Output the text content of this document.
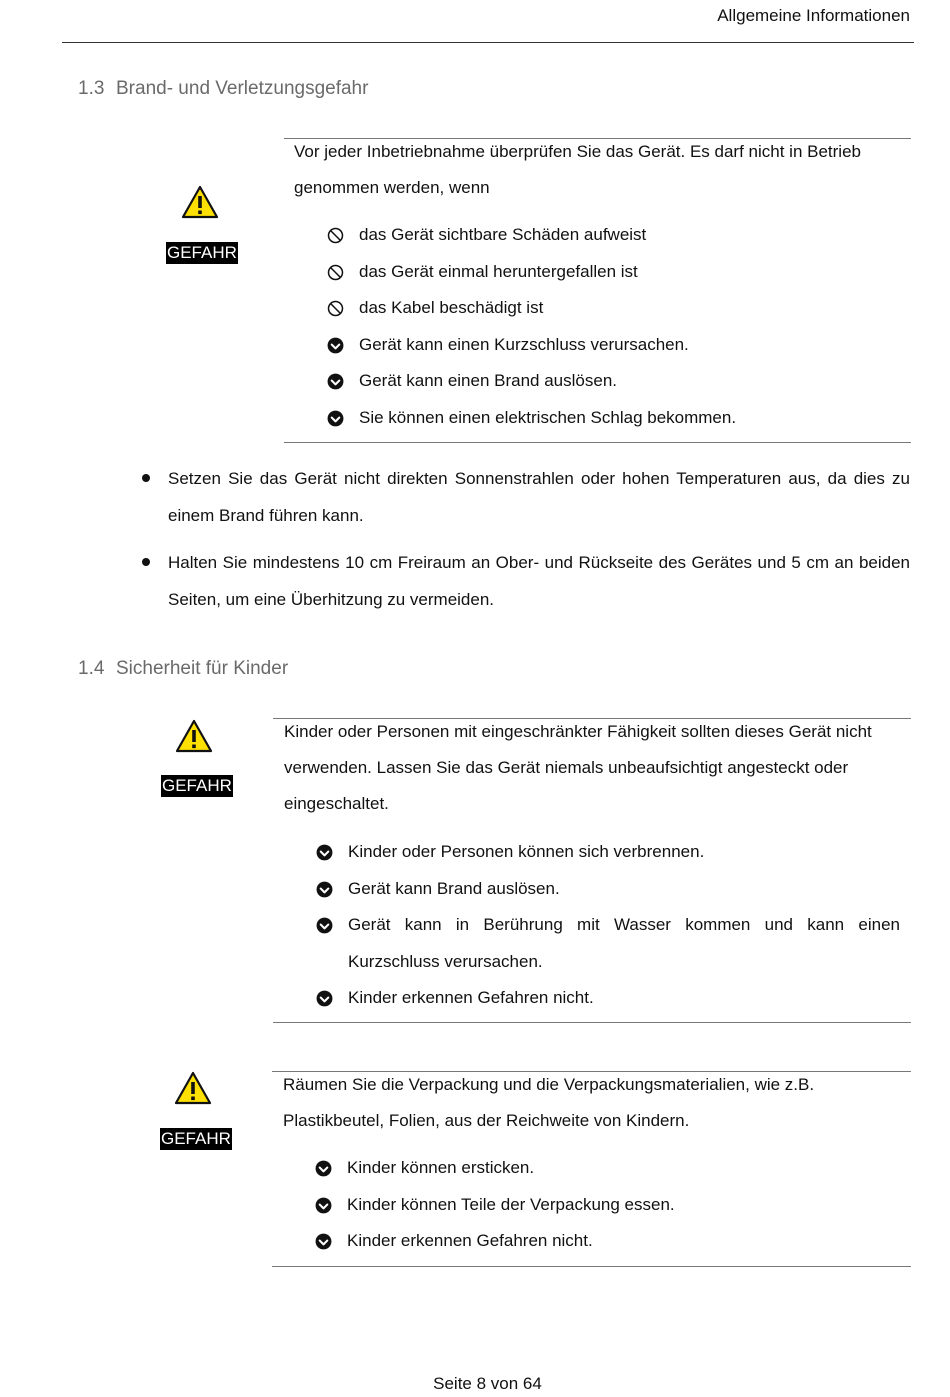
Allgemeine Informationen
1.3 Brand- und Verletzungsgefahr
GEFAHR
Vor jeder Inbetriebnahme überprüfen Sie das Gerät. Es darf nicht in Betrieb genommen werden, wenn
das Gerät sichtbare Schäden aufweist
das Gerät einmal heruntergefallen ist
das Kabel beschädigt ist
Gerät kann einen Kurzschluss verursachen.
Gerät kann einen Brand auslösen.
Sie können einen elektrischen Schlag bekommen.
Setzen Sie das Gerät nicht direkten Sonnenstrahlen oder hohen Temperaturen aus, da dies zu einem Brand führen kann.
Halten Sie mindestens 10 cm Freiraum an Ober- und Rückseite des Gerätes und 5 cm an beiden Seiten, um eine Überhitzung zu vermeiden.
1.4 Sicherheit für Kinder
GEFAHR
Kinder oder Personen mit eingeschränkter Fähigkeit sollten dieses Gerät nicht verwenden. Lassen Sie das Gerät niemals unbeaufsichtigt angesteckt oder eingeschaltet.
Kinder oder Personen können sich verbrennen.
Gerät kann Brand auslösen.
Gerät kann in Berührung mit Wasser kommen und kann einen Kurzschluss verursachen.
Kinder erkennen Gefahren nicht.
GEFAHR
Räumen Sie die Verpackung und die Verpackungsmaterialien, wie z.B. Plastikbeutel, Folien, aus der Reichweite von Kindern.
Kinder können ersticken.
Kinder können Teile der Verpackung essen.
Kinder erkennen Gefahren nicht.
Seite 8 von 64
